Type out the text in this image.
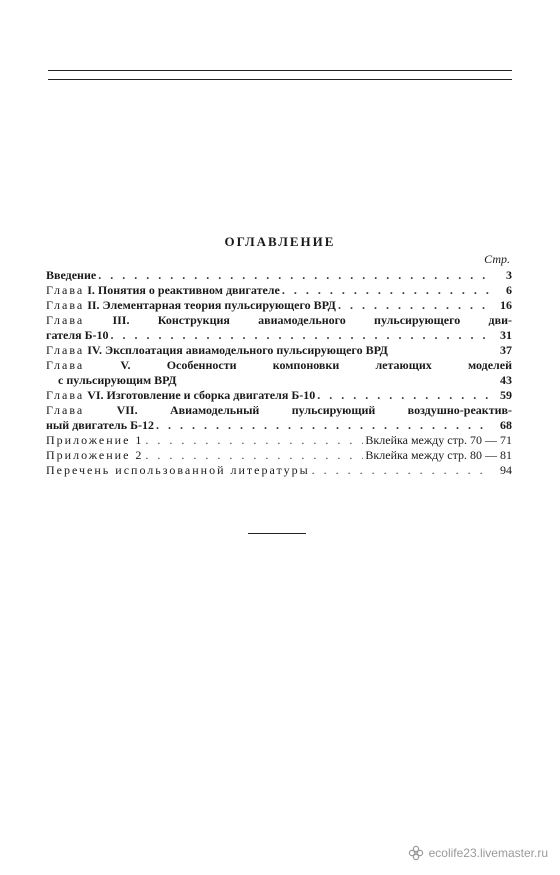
ОГЛАВЛЕНИЕ
Стр.
Введение . . .	3
Глава I. Понятия о реактивном двигателе . . .	6
Глава II. Элементарная теория пульсирующего ВРД . . .	16
Глава III. Конструкция авиамодельного пульсирующего дви-
гателя Б-10 . . .	31
Глава IV. Эксплоатация авиамодельного пульсирующего ВРД	37
Глава	V. Особенности компоновки летающих моделей
с пульсирующим ВРД	43
Глава VI. Изготовление и сборка двигателя Б-10 . . .	59
Глава	VII. Авиамодельный пульсирующий воздушно-реактив-
ный двигатель Б-12 . . .	68
Приложение 1 . . .	Вклейка между стр. 70 — 71
Приложение 2 . . .	Вклейка между стр. 80 — 81
Перечень использованной литературы . . .	94
ecolife23.livemaster.ru
